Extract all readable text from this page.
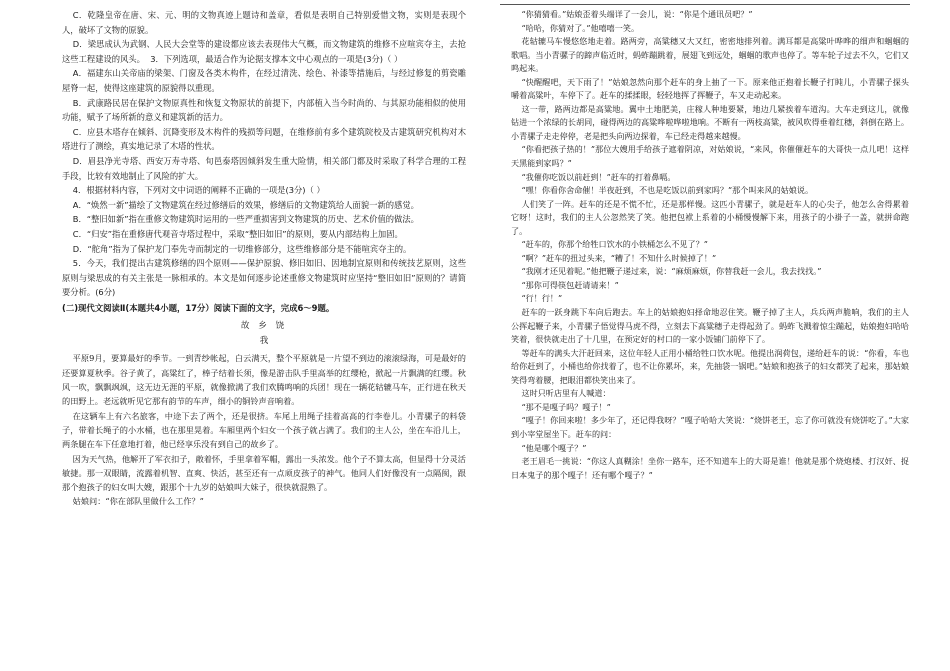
C．乾隆皇帝在唐、宋、元、明的文物真迹上题诗和盖章，看似是表明自己特别爱惜文物，实则是表现个人，破坏了文物的原貌。

D．梁思成认为武钢、人民大会堂等的建设都应该去表现伟大气概，而文物建筑的维修不应喧宾夺主，去抢这些工程建设的风头。 3．下列选项，最适合作为论据支撑本文中心观点的一项是(3分)（ ）

A．福建东山关帝庙的梁架、门窗及各类木构件，在经过清洗、绘色、补漆等措施后，与经过修复的剪瓷雕屋脊一起，使得这座建筑的原貌得以重现。

B．武康路民居在保护文物原真性和恢复文物原状的前提下，内部植入当今时尚的、与其原功能相似的使用功能，赋予了场所新的意义和建筑新的活力。

C．应县木塔存在倾斜、沉降变形及木构件的残损等问题，在维修前有多个建筑院校及古建筑研究机构对木塔进行了测绘，真实地记录了木塔的性状。

D．眉县净光寺塔、西安万寿寺塔、旬邑泰塔因倾斜发生重大险情，相关部门都及时采取了科学合理的工程手段，比较有效地制止了风险的扩大。

4．根据材料内容，下列对文中词语的阐释不正确的一项是(3分)（ ）

A．“焕然一新”描绘了文物建筑在经过修缮后的效果，修缮后的文物建筑给人面貌一新的感觉。

B．“整旧如新”指在重修文物建筑时运用的一些严重损害到文物建筑的历史、艺术价值的做法。

C．“归安”指在重修唐代观音寺塔过程中，采取“整旧如旧”的原则，要从内部结构上加固。

D．“舵角”指为了保护龙门奉先寺而制定的一切维修部分，这些维修部分是不能喧宾夺主的。

5．今天，我们提出古建筑修缮的四个原则——保护原貌、修旧如旧、因地制宜原则和传统技艺原则，这些原则与梁思成的有关主张是一脉相承的。本文是如何逐步论述重修文物建筑时应坚持“整旧如旧”原则的？请简要分析。(6分)

(二)现代文阅读Ⅱ(本题共4小题，17分）阅读下面的文字，完成6～9题。

故 乡 饶

我

平原9月，要算最好的季节。一到青纱帐起，白云满天，整个平原就是一片望不到边的滚滚绿海，可是最好的还要算夏秋季。谷子黄了，高粱红了，棒子结着长须，像是游击队手里高举的红缨枪，掀起一片飘满的红缨。秋风一吹，飘飘飒飒，这无边无涯的平原，就像掀满了我们欢腾鸣响的兵团！现在一辆花轱辘马车，正行进在秋天的田野上。老远就听见它那有韵节的车声，细小的铜铃声音响着。

在这辆车上有六名旅客，中途下去了两个，还是很挤。车尾上用绳子挂着高高的行李卷儿。小青骡子的料袋子，带着长绳子的小水桶，也在那里晃着。车厢里两个妇女一个孩子就占满了。我们的主人公，坐在车沿儿上，两条腿在车下任意地打着，他已经享乐没有到自己的故乡了。

因为天气热，他解开了军衣扣子，敞着怀，手里拿着军帽，露出一头浓发。他个子不算太高，但显得十分灵活敏捷。那一双眼睛，流露着机智、直爽、快活，甚至还有一点顽皮孩子的神气。他同人们好像没有一点隔阂，跟那个抱孩子的妇女叫大嫂，跟那个十九岁的姑娘叫大妹子，很快就混熟了。

姑娘问：“你在部队里做什么工作？”

“你猜猜看。”姑娘歪着头端详了一会儿，说：“你是个通讯员吧？”

“哈哈，你猜对了。”他嘻嘻一笑。

花轱辘马车慢悠悠地走着。路两旁，高粱穗又大又红，密密地排列着。满耳都是高粱叶哗哗的细声和蝈蝈的歌唱。当小青骡子的蹄声临近时，蚂蚱蹦跳着，展翅飞到远处，蝈蝈的歌声也停了。等车轮子过去不久，它们又鸣起来。

“快醒醒吧，天下雨了！”姑娘忽然向那个赶车的身上抽了一下。原来他正抱着长鞭子打盹儿，小青骡子探头嚼着高粱叶，车停下了。赶车的揉揉眼，轻轻地挥了挥鞭子，车又走动起来。

这一带，路两边都是高粱地。翼中土地肥美，庄稼人种地要紧，地边几紧挨着车道沟。大车走到这儿，就像钻进一个浓绿的长胡同，碰得两边的高粱哗啦哗啦地响。不断有一两枝高粱，被风吹得垂着红穗，斜倒在路上。小青骡子走走停停，老是把头向两边探着，车已经走得越来越慢。

“你看把孩子热的！”那位大嫂用手给孩子遮着阴凉，对姑娘说，“来风，你催催赶车的大哥快一点儿吧！这样天黑能到家吗？”

“我催你吃饭以前赶到！”赶车的打着鼻嗝。

“嘿！你看你舍命催！半夜赶到，不也是吃饭以前到家吗？”那个叫来风的姑娘说。

人们笑了一阵。赶车的还是不慌不忙，还是那样慢。这匹小青骡子，就是赶车人的心尖子，他怎么舍得累着它呀！这时，我们的主人公忽然笑了笑。他把包袱上系着的小桶慢慢解下来，用孩子的小褂子一盖，就拼命跑了。

“赶车的，你那个给牲口饮水的小铁桶怎么不见了？”

“啊？”赶车的扭过头来，“糟了！不知什么时候掉了！”

“我刚才还见着呢。”他把鞭子递过来，说：“麻烦麻烦，你替我赶一会儿，我去找找。”

“那你可得筷包赶请请来！”

“行！行！”

赶车的一跃身跳下车向后跑去。车上的姑娘抱妇择命地忍住笑。鞭子掉了主人，兵兵两声脆响，我们的主人公挥起鞭子来，小青骡子悟觉得马虎不得，立刻去下高粱穗子走得起劲了。蚂蚱飞溅着惊尘蹦起，姑娘抱妇哈哈笑着，很快就走出了十几里，在预定好的村口的一家小饭铺门前停下了。

等赶车的满头大汗赶回来，这位年轻人正用小桶给牲口饮水呢。他提出润荷包，递给赶车的说：“你看，车也给你赶到了，小桶也给你找着了，也不让你累坏，来，先抽袋一锅吧。”姑娘和抱孩子的妇女都笑了起来，那姑娘笑得弯着腰，把眼泪都快笑出来了。

这时只听店里有人喊道：

“那不是嘎子吗？嘎子！”

“嘎子！你回来啦！多少年了，还记得我呀？”嘎子哈哈大笑说：“烧饼老王，忘了你可就没有烧饼吃了。”大家到小宰堂屋坐下。赶车的问：

“他是哪个嘎子？”

老王眉毛一挑说：“你这人真糊涂！坐你一路车，还不知道车上的大哥是谁！他就是那个烧炮楼、打汉奸、捉日本鬼子的那个嘎子！还有哪个嘎子？”
